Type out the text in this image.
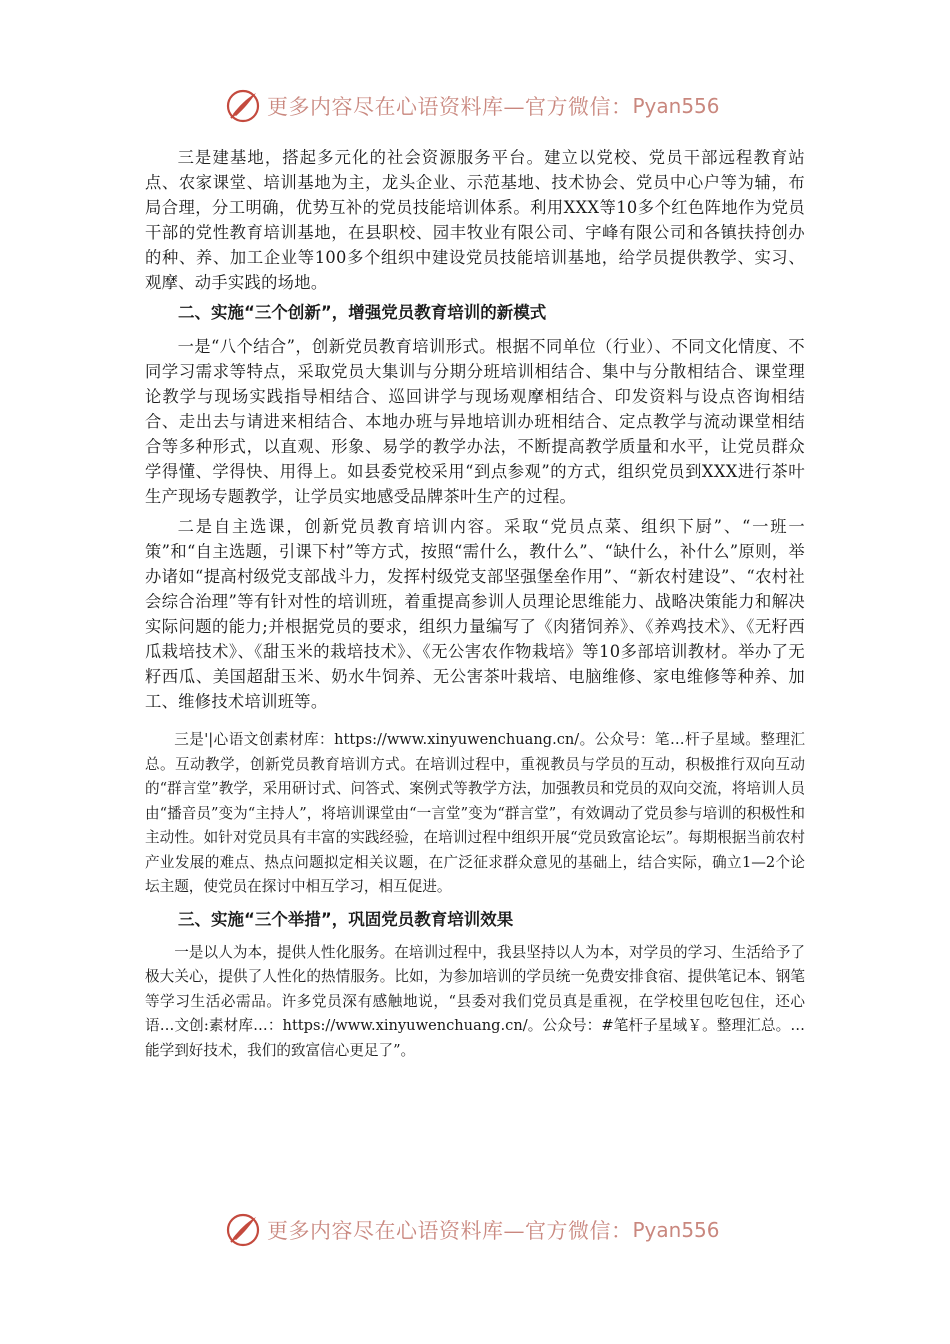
更多内容尽在心语资料库—官方微信： Pyan556

三是建基地，搭起多元化的社会资源服务平台。建立以党校、党员干部远程教育站点、农家课堂、培训基地为主，龙头企业、示范基地、技术协会、党员中心户等为辅，布局合理，分工明确，优势互补的党员技能培训体系。利用XXX等10多个红色阵地作为党员干部的党性教育培训基地，在县职校、园丰牧业有限公司、宇峰有限公司和各镇扶持创办的种、养、加工企业等100多个组织中建设党员技能培训基地，给学员提供教学、实习、观摩、动手实践的场地。

二、实施“三个创新”，增强党员教育培训的新模式

一是“八个结合”，创新党员教育培训形式。根据不同单位（行业）、不同文化情度、不同学习需求等特点，采取党员大集训与分期分班培训相结合、集中与分散相结合、课堂理论教学与现场实践指导相结合、巡回讲学与现场观摩相结合、印发资料与设点咨询相结合、走出去与请进来相结合、本地办班与异地培训办班相结合、定点教学与流动课堂相结合等多种形式，以直观、形象、易学的教学办法，不断提高教学质量和水平，让党员群众学得懂、学得快、用得上。如县委党校采用“到点参观”的方式，组织党员到XXX进行茶叶生产现场专题教学，让学员实地感受品牌茶叶生产的过程。

二是自主选课，创新党员教育培训内容。采取“党员点菜、组织下厨”、“一班一策”和“自主选题，引课下村”等方式，按照“需什么，教什么”、“缺什么，补什么”原则，举办诸如“提高村级党支部战斗力，发挥村级党支部坚强堡垒作用”、“新农村建设”、“农村社会综合治理”等有针对性的培训班，着重提高参训人员理论思维能力、战略决策能力和解决实际问题的能力;并根据党员的要求，组织力量编写了《肉猪饲养》、《养鸡技术》、《无籽西瓜栽培技术》、《甜玉米的栽培技术》、《无公害农作物栽培》等10多部培训教材。举办了无籽西瓜、美国超甜玉米、奶水牛饲养、无公害茶叶栽培、电脑维修、家电维修等种养、加工、维修技术培训班等。

三是'|心语文创素材库：https://www.xinyuwenchuang.cn/。公众号：笔…杆子星域。整理汇总。互动教学，创新党员教育培训方式。在培训过程中，重视教员与学员的互动，积极推行双向互动的“群言堂”教学，采用研讨式、问答式、案例式等教学方法，加强教员和党员的双向交流，将培训人员由“播音员”变为“主持人”，将培训课堂由“一言堂”变为“群言堂”，有效调动了党员参与培训的积极性和主动性。如针对党员具有丰富的实践经验，在培训过程中组织开展“党员致富论坛”。每期根据当前农村产业发展的难点、热点问题拟定相关议题，在广泛征求群众意见的基础上，结合实际，确立1—2个论坛主题，使党员在探讨中相互学习，相互促进。

三、实施“三个举措”，巩固党员教育培训效果

一是以人为本，提供人性化服务。在培训过程中，我县坚持以人为本，对学员的学习、生活给予了极大关心，提供了人性化的热情服务。比如，为参加培训的学员统一免费安排食宿、提供笔记本、钢笔等学习生活必需品。许多党员深有感触地说，“县委对我们党员真是重视，在学校里包吃包住，还心语…文创:素材库…：https://www.xinyuwenchuang.cn/。公众号：#笔杆子星域￥。整理汇总。…能学到好技术，我们的致富信心更足了”。

更多内容尽在心语资料库—官方微信： Pyan556
